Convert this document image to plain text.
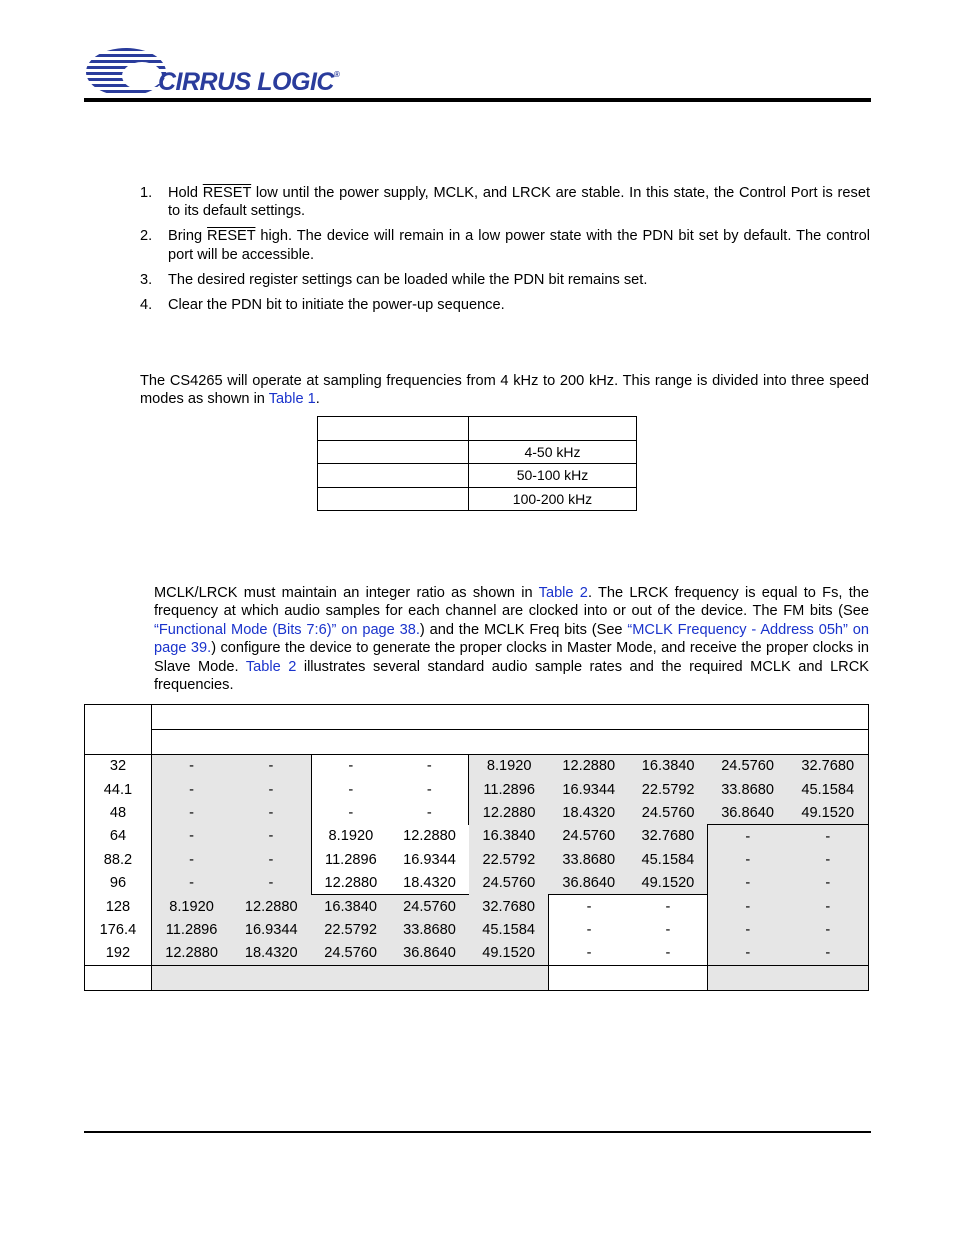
CIRRUS LOGIC®
1.	Hold RESET low until the power supply, MCLK, and LRCK are stable. In this state, the Control Port is reset to its default settings.
2.	Bring RESET high. The device will remain in a low power state with the PDN bit set by default. The control port will be accessible.
3.	The desired register settings can be loaded while the PDN bit remains set.
4.	Clear the PDN bit to initiate the power-up sequence.
The CS4265 will operate at sampling frequencies from 4 kHz to 200 kHz. This range is divided into three speed modes as shown in Table 1.

	4-50 kHz
	50-100 kHz
	100-200 kHz
MCLK/LRCK must maintain an integer ratio as shown in Table 2. The LRCK frequency is equal to Fs, the frequency at which audio samples for each channel are clocked into or out of the device. The FM bits (See “Functional Mode (Bits 7:6)” on page 38.) and the MCLK Freq bits (See “MCLK Frequency - Address 05h” on page 39.) configure the device to generate the proper clocks in Master Mode, and receive the proper clocks in Slave Mode. Table 2 illustrates several standard audio sample rates and the required MCLK and LRCK frequencies.

32	-	-	-	-	8.1920	12.2880	16.3840	24.5760	32.7680
44.1	-	-	-	-	11.2896	16.9344	22.5792	33.8680	45.1584
48	-	-	-	-	12.2880	18.4320	24.5760	36.8640	49.1520
64	-	-	8.1920	12.2880	16.3840	24.5760	32.7680	-	-
88.2	-	-	11.2896	16.9344	22.5792	33.8680	45.1584	-	-
96	-	-	12.2880	18.4320	24.5760	36.8640	49.1520	-	-
128	8.1920	12.2880	16.3840	24.5760	32.7680	-	-	-	-
176.4	11.2896	16.9344	22.5792	33.8680	45.1584	-	-	-	-
192	12.2880	18.4320	24.5760	36.8640	49.1520	-	-	-	-
